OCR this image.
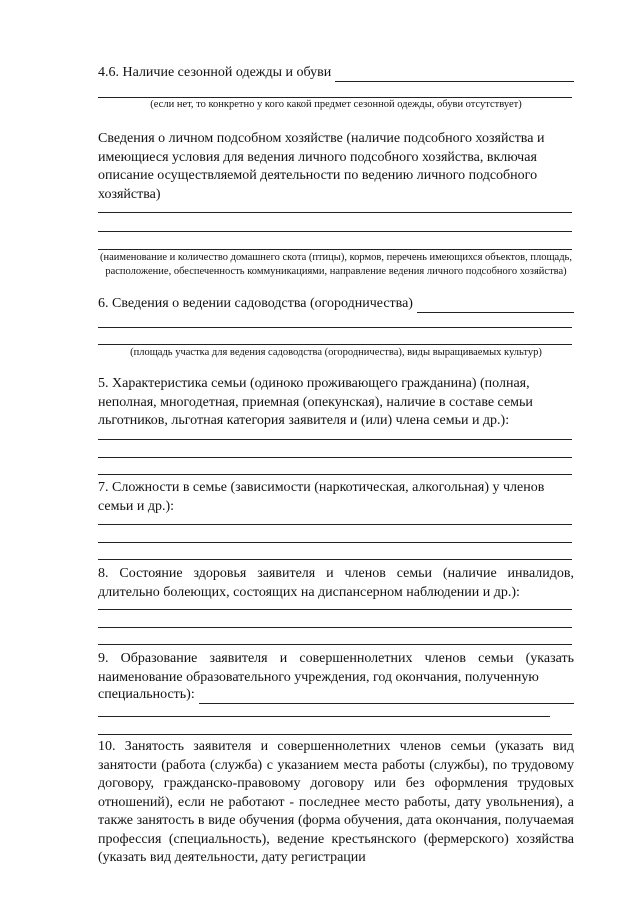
4.6. Наличие сезонной одежды и обуви

(если нет, то конкретно у кого какой предмет сезонной одежды, обуви отсутствует)

Сведения о личном подсобном хозяйстве (наличие подсобного хозяйства и имеющиеся условия для ведения личного подсобного хозяйства, включая описание осуществляемой деятельности по ведению личного подсобного хозяйства)

(наименование и количество домашнего скота (птицы), кормов, перечень имеющихся объектов, площадь, расположение, обеспеченность коммуникациями, направление ведения личного подсобного хозяйства)

6. Сведения о ведении садоводства (огородничества)

(площадь участка для ведения садоводства (огородничества), виды выращиваемых культур)

5. Характеристика семьи (одиноко проживающего гражданина) (полная, неполная, многодетная, приемная (опекунская), наличие в составе семьи льготников, льготная категория заявителя и (или) члена семьи и др.):

7. Сложности в семье (зависимости (наркотическая, алкогольная) у членов семьи и др.):

8. Состояние здоровья заявителя и членов семьи (наличие инвалидов, длительно болеющих, состоящих на диспансерном наблюдении и др.):

9. Образование заявителя и совершеннолетних членов семьи (указать наименование образовательного учреждения, год окончания, полученную

специальность):

10. Занятость заявителя и совершеннолетних членов семьи (указать вид занятости (работа (служба) с указанием места работы (службы), по трудовому договору, гражданско-правовому договору или без оформления трудовых отношений), если не работают - последнее место работы, дату увольнения), а также занятость в виде обучения (форма обучения, дата окончания, получаемая профессия (специальность), ведение крестьянского (фермерского) хозяйства (указать вид деятельности, дату регистрации
